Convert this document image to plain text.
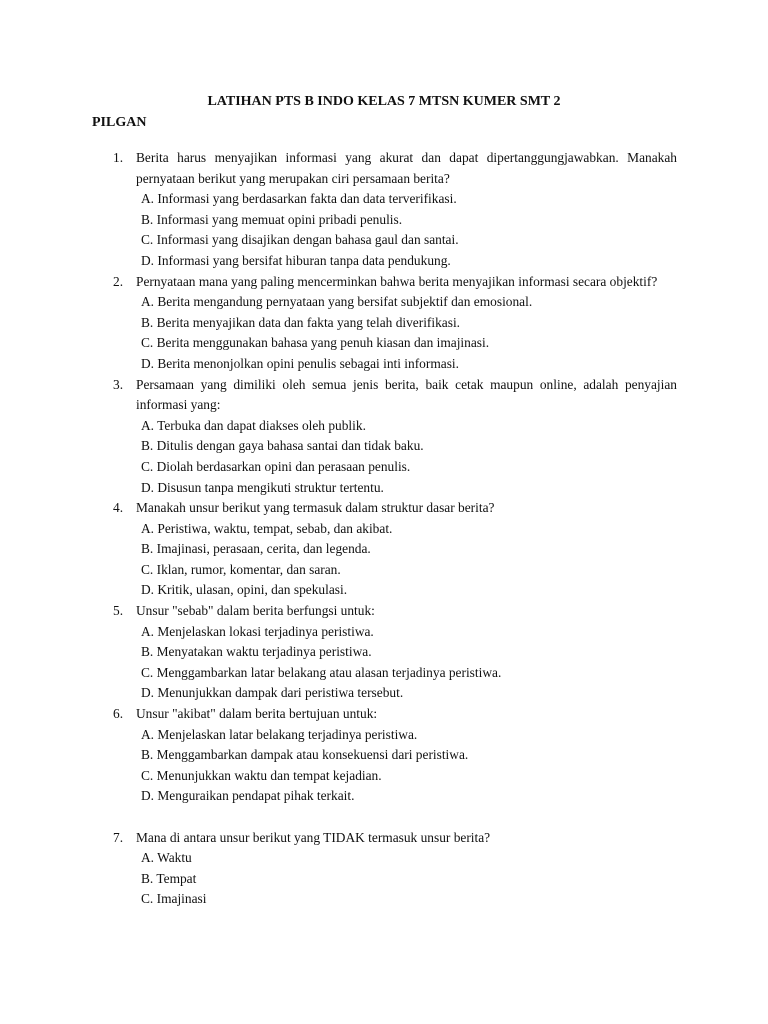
LATIHAN PTS B INDO KELAS 7 MTSN KUMER SMT 2
PILGAN
1. Berita harus menyajikan informasi yang akurat dan dapat dipertanggungjawabkan. Manakah pernyataan berikut yang merupakan ciri persamaan berita?
A. Informasi yang berdasarkan fakta dan data terverifikasi.
B. Informasi yang memuat opini pribadi penulis.
C. Informasi yang disajikan dengan bahasa gaul dan santai.
D. Informasi yang bersifat hiburan tanpa data pendukung.
2. Pernyataan mana yang paling mencerminkan bahwa berita menyajikan informasi secara objektif?
A. Berita mengandung pernyataan yang bersifat subjektif dan emosional.
B. Berita menyajikan data dan fakta yang telah diverifikasi.
C. Berita menggunakan bahasa yang penuh kiasan dan imajinasi.
D. Berita menonjolkan opini penulis sebagai inti informasi.
3. Persamaan yang dimiliki oleh semua jenis berita, baik cetak maupun online, adalah penyajian informasi yang:
A. Terbuka dan dapat diakses oleh publik.
B. Ditulis dengan gaya bahasa santai dan tidak baku.
C. Diolah berdasarkan opini dan perasaan penulis.
D. Disusun tanpa mengikuti struktur tertentu.
4. Manakah unsur berikut yang termasuk dalam struktur dasar berita?
A. Peristiwa, waktu, tempat, sebab, dan akibat.
B. Imajinasi, perasaan, cerita, dan legenda.
C. Iklan, rumor, komentar, dan saran.
D. Kritik, ulasan, opini, dan spekulasi.
5. Unsur "sebab" dalam berita berfungsi untuk:
A. Menjelaskan lokasi terjadinya peristiwa.
B. Menyatakan waktu terjadinya peristiwa.
C. Menggambarkan latar belakang atau alasan terjadinya peristiwa.
D. Menunjukkan dampak dari peristiwa tersebut.
6. Unsur "akibat" dalam berita bertujuan untuk:
A. Menjelaskan latar belakang terjadinya peristiwa.
B. Menggambarkan dampak atau konsekuensi dari peristiwa.
C. Menunjukkan waktu dan tempat kejadian.
D. Menguraikan pendapat pihak terkait.
7. Mana di antara unsur berikut yang TIDAK termasuk unsur berita?
A. Waktu
B. Tempat
C. Imajinasi
